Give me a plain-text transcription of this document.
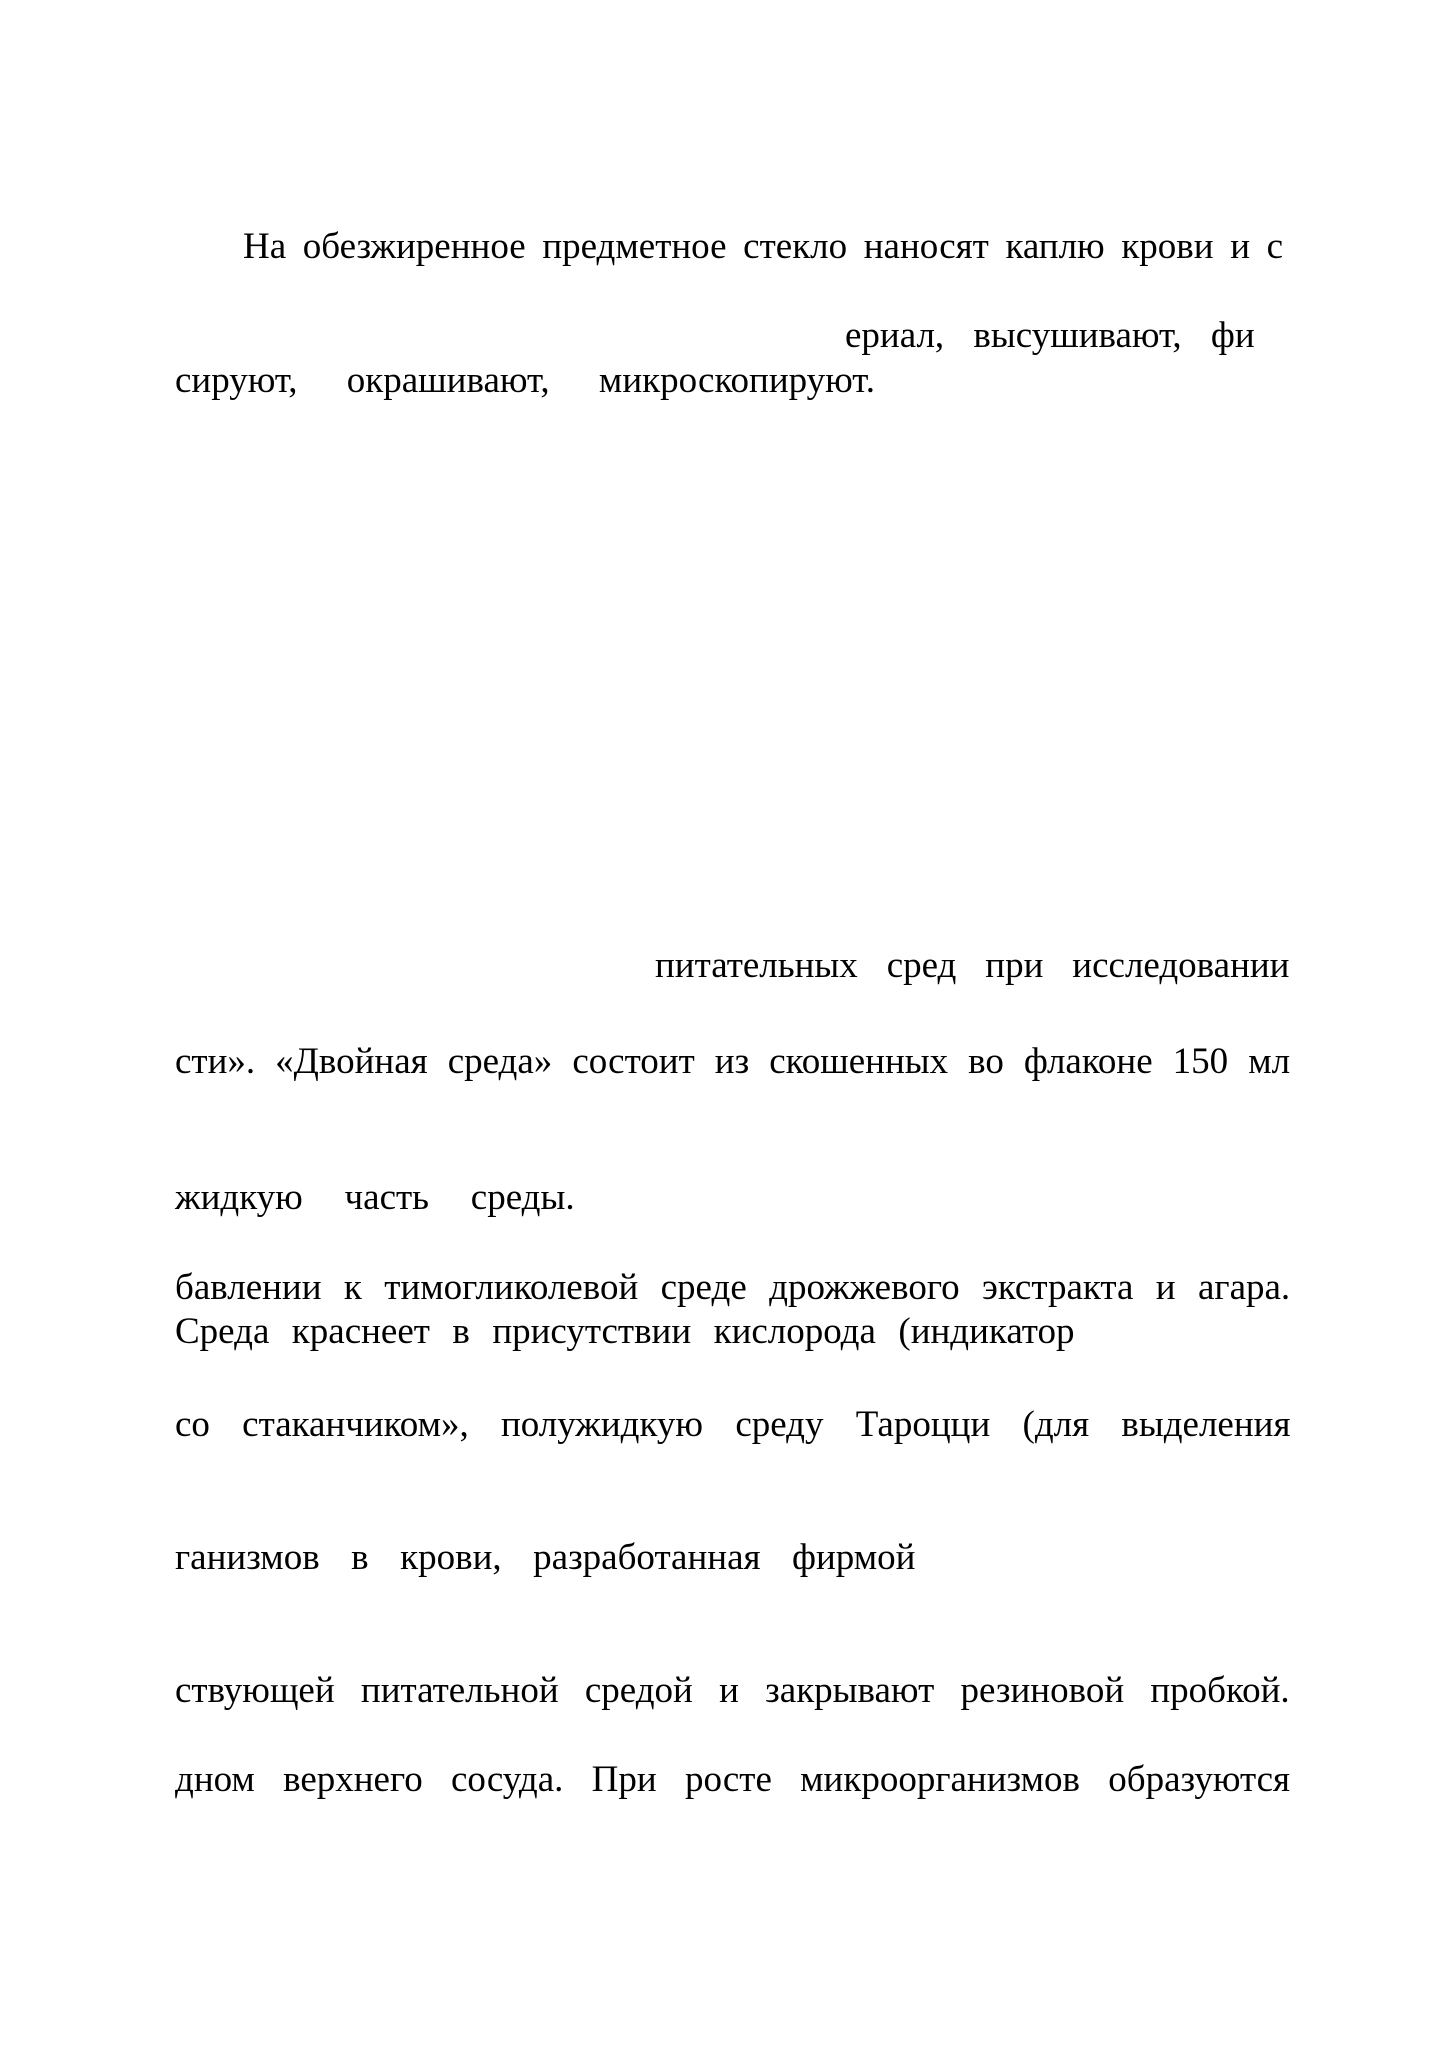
На обезжиренное предметное стекло наносят каплю крови и с
ериал, высушивают, фи
сируют, окрашивают, микроскопируют.
питательных сред при исследовании
сти». «Двойная среда» состоит из скошенных во флаконе 150 мл
жидкую часть среды.
бавлении к тимогликолевой среде дрожжевого экстракта и агара.
Среда краснеет в присутствии кислорода (индикатор
со стаканчиком», полужидкую среду Тароцци (для выделения
ганизмов в крови, разработанная фирмой
ствующей питательной средой и закрывают резиновой пробкой.
дном верхнего сосуда. При росте микроорганизмов образуются
